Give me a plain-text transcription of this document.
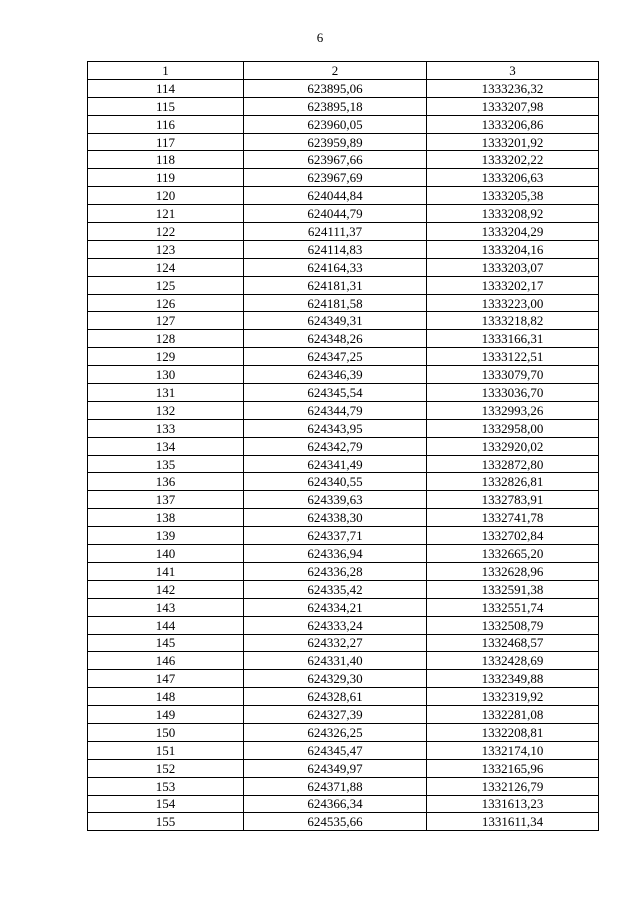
6
1	2	3
114	623895,06	1333236,32
115	623895,18	1333207,98
116	623960,05	1333206,86
117	623959,89	1333201,92
118	623967,66	1333202,22
119	623967,69	1333206,63
120	624044,84	1333205,38
121	624044,79	1333208,92
122	624111,37	1333204,29
123	624114,83	1333204,16
124	624164,33	1333203,07
125	624181,31	1333202,17
126	624181,58	1333223,00
127	624349,31	1333218,82
128	624348,26	1333166,31
129	624347,25	1333122,51
130	624346,39	1333079,70
131	624345,54	1333036,70
132	624344,79	1332993,26
133	624343,95	1332958,00
134	624342,79	1332920,02
135	624341,49	1332872,80
136	624340,55	1332826,81
137	624339,63	1332783,91
138	624338,30	1332741,78
139	624337,71	1332702,84
140	624336,94	1332665,20
141	624336,28	1332628,96
142	624335,42	1332591,38
143	624334,21	1332551,74
144	624333,24	1332508,79
145	624332,27	1332468,57
146	624331,40	1332428,69
147	624329,30	1332349,88
148	624328,61	1332319,92
149	624327,39	1332281,08
150	624326,25	1332208,81
151	624345,47	1332174,10
152	624349,97	1332165,96
153	624371,88	1332126,79
154	624366,34	1331613,23
155	624535,66	1331611,34
